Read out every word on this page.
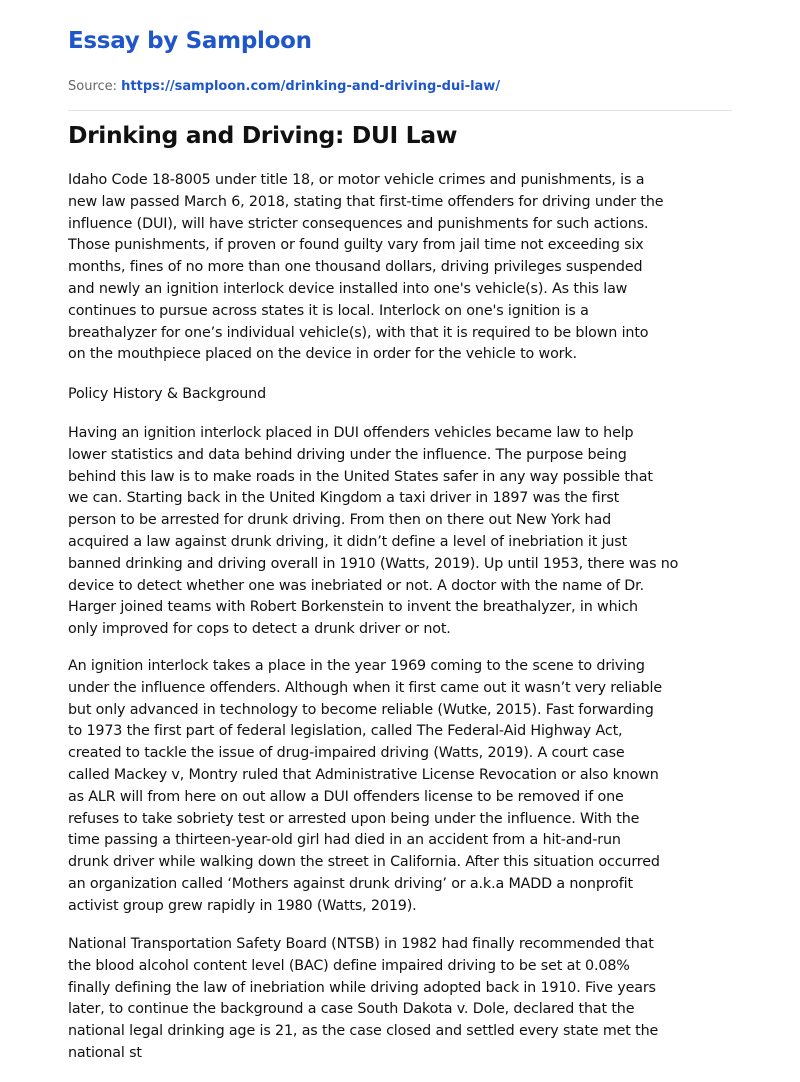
Essay by Samploon
Source: https://samploon.com/drinking-and-driving-dui-law/
Drinking and Driving: DUI Law

Idaho Code 18-8005 under title 18, or motor vehicle crimes and punishments, is a
new law passed March 6, 2018, stating that first-time offenders for driving under the
influence (DUI), will have stricter consequences and punishments for such actions.
Those punishments, if proven or found guilty vary from jail time not exceeding six
months, fines of no more than one thousand dollars, driving privileges suspended
and newly an ignition interlock device installed into one's vehicle(s). As this law
continues to pursue across states it is local. Interlock on one's ignition is a
breathalyzer for one’s individual vehicle(s), with that it is required to be blown into
on the mouthpiece placed on the device in order for the vehicle to work.

Policy History & Background

Having an ignition interlock placed in DUI offenders vehicles became law to help
lower statistics and data behind driving under the influence. The purpose being
behind this law is to make roads in the United States safer in any way possible that
we can. Starting back in the United Kingdom a taxi driver in 1897 was the first
person to be arrested for drunk driving. From then on there out New York had
acquired a law against drunk driving, it didn’t define a level of inebriation it just
banned drinking and driving overall in 1910 (Watts, 2019). Up until 1953, there was no
device to detect whether one was inebriated or not. A doctor with the name of Dr.
Harger joined teams with Robert Borkenstein to invent the breathalyzer, in which
only improved for cops to detect a drunk driver or not.

An ignition interlock takes a place in the year 1969 coming to the scene to driving
under the influence offenders. Although when it first came out it wasn’t very reliable
but only advanced in technology to become reliable (Wutke, 2015). Fast forwarding
to 1973 the first part of federal legislation, called The Federal-Aid Highway Act,
created to tackle the issue of drug-impaired driving (Watts, 2019). A court case
called Mackey v, Montry ruled that Administrative License Revocation or also known
as ALR will from here on out allow a DUI offenders license to be removed if one
refuses to take sobriety test or arrested upon being under the influence. With the
time passing a thirteen-year-old girl had died in an accident from a hit-and-run
drunk driver while walking down the street in California. After this situation occurred
an organization called ‘Mothers against drunk driving’ or a.k.a MADD a nonprofit
activist group grew rapidly in 1980 (Watts, 2019).

National Transportation Safety Board (NTSB) in 1982 had finally recommended that
the blood alcohol content level (BAC) define impaired driving to be set at 0.08%
finally defining the law of inebriation while driving adopted back in 1910. Five years
later, to continue the background a case South Dakota v. Dole, declared that the
national legal drinking age is 21, as the case closed and settled every state met the
national st
